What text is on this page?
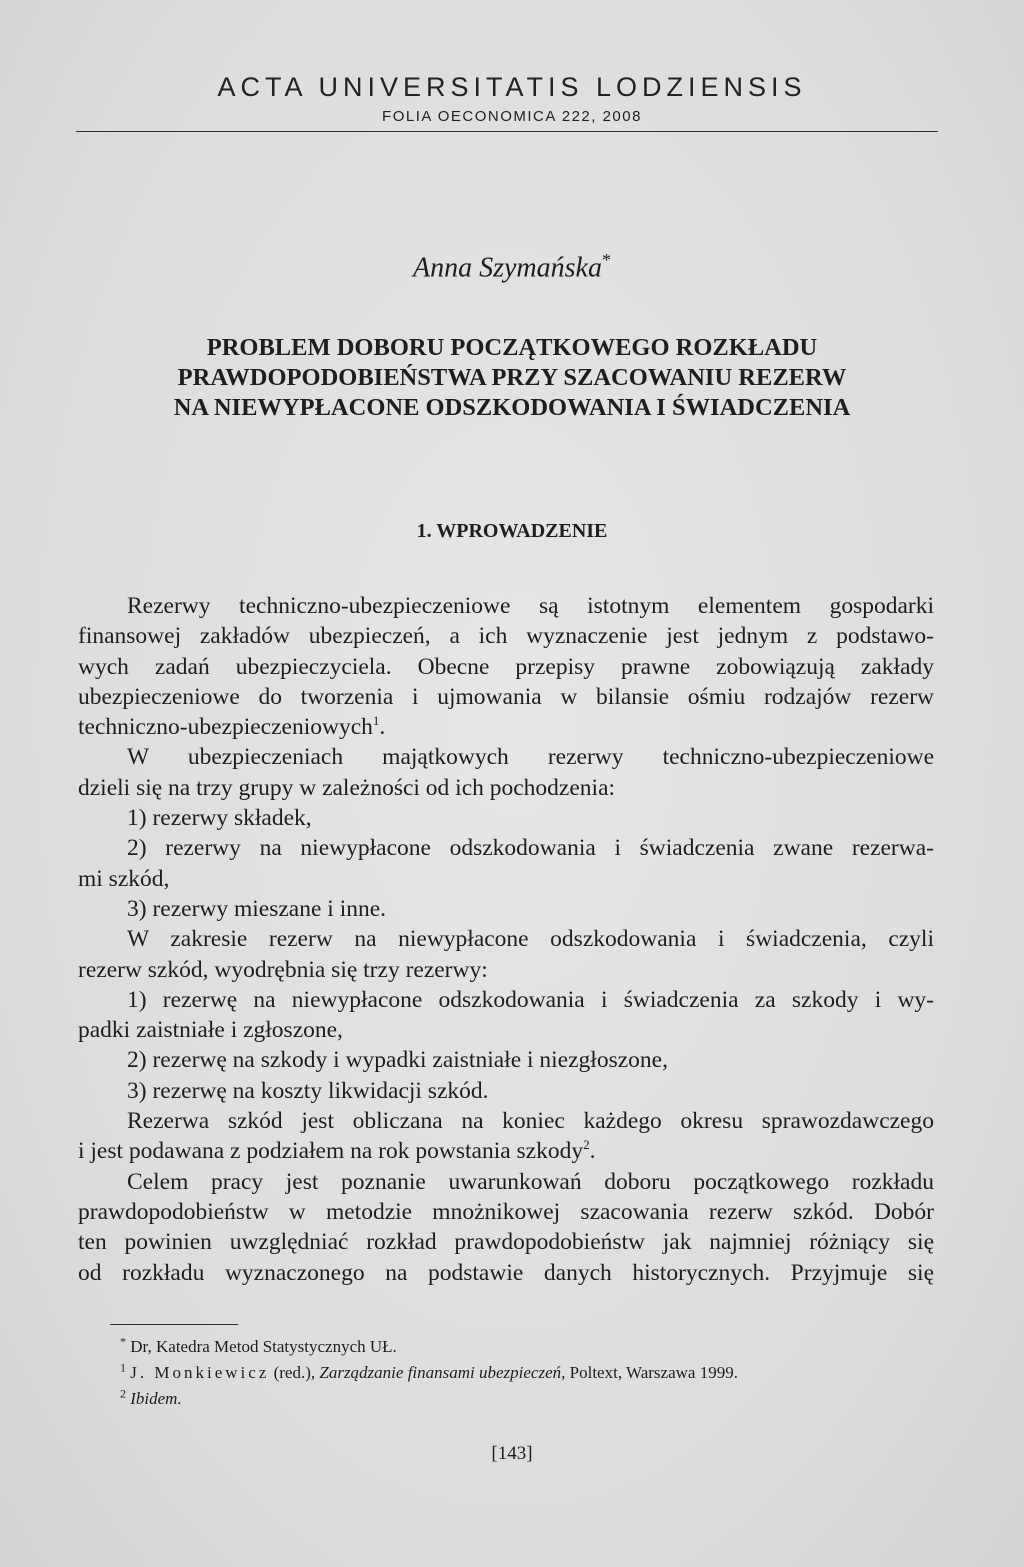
ACTA UNIVERSITATIS LODZIENSIS
FOLIA OECONOMICA 222, 2008
Anna Szymańska*
PROBLEM DOBORU POCZĄTKOWEGO ROZKŁADU
PRAWDOPODOBIEŃSTWA PRZY SZACOWANIU REZERW
NA NIEWYPŁACONE ODSZKODOWANIA I ŚWIADCZENIA
1. WPROWADZENIE
Rezerwy techniczno-ubezpieczeniowe są istotnym elementem gospodarki
finansowej zakładów ubezpieczeń, a ich wyznaczenie jest jednym z podstawo-
wych zadań ubezpieczyciela. Obecne przepisy prawne zobowiązują zakłady
ubezpieczeniowe do tworzenia i ujmowania w bilansie ośmiu rodzajów rezerw
techniczno-ubezpieczeniowych$^1$.
W ubezpieczeniach majątkowych rezerwy techniczno-ubezpieczeniowe
dzieli się na trzy grupy w zależności od ich pochodzenia:
1) rezerwy składek,
2) rezerwy na niewypłacone odszkodowania i świadczenia zwane rezerwa-
mi szkód,
3) rezerwy mieszane i inne.
W zakresie rezerw na niewypłacone odszkodowania i świadczenia, czyli
rezerw szkód, wyodrębnia się trzy rezerwy:
1) rezerwę na niewypłacone odszkodowania i świadczenia za szkody i wy-
padki zaistniałe i zgłoszone,
2) rezerwę na szkody i wypadki zaistniałe i niezgłoszone,
3) rezerwę na koszty likwidacji szkód.
Rezerwa szkód jest obliczana na koniec każdego okresu sprawozdawczego
i jest podawana z podziałem na rok powstania szkody$^2$.
Celem pracy jest poznanie uwarunkowań doboru początkowego rozkładu
prawdopodobieństw w metodzie mnożnikowej szacowania rezerw szkód. Dobór
ten powinien uwzględniać rozkład prawdopodobieństw jak najmniej różniący się
od rozkładu wyznaczonego na podstawie danych historycznych. Przyjmuje się
* Dr, Katedra Metod Statystycznych UŁ.
$^1$ J. Monkiewicz (red.), Zarządzanie finansami ubezpieczeń, Poltext, Warszawa 1999.
$^2$ Ibidem.
[143]
